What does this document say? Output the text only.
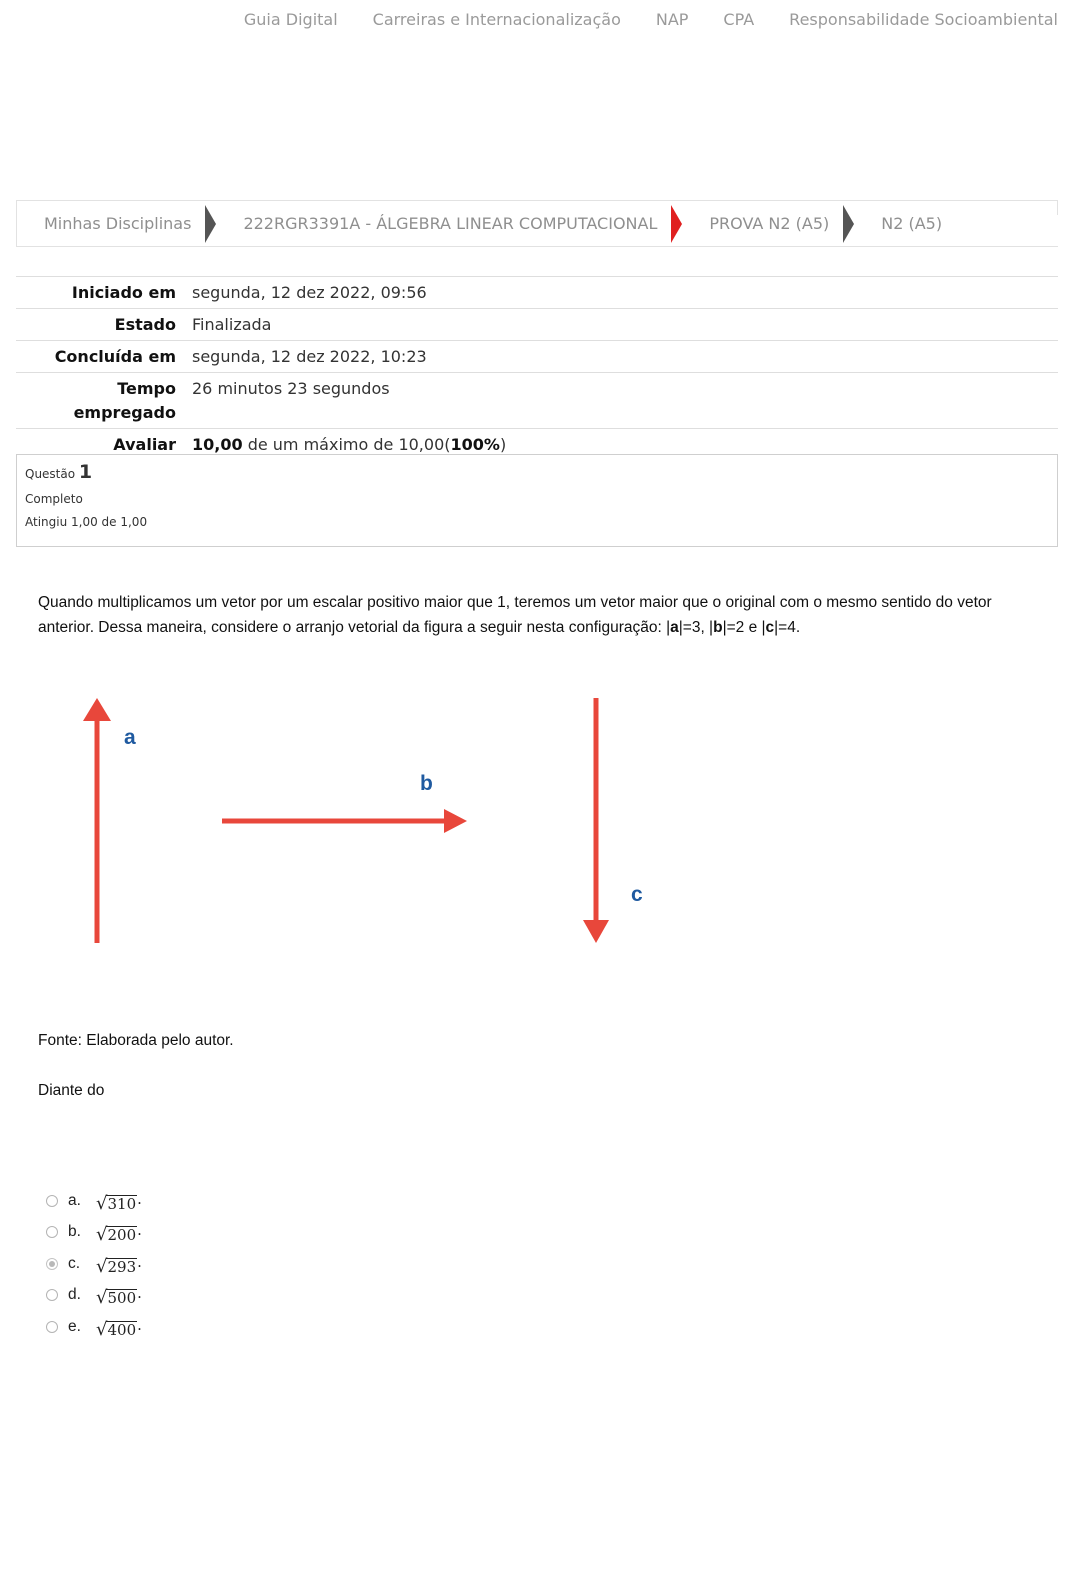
Guia Digital Carreiras e Internacionalização NAP CPA Responsabilidade Socioambiental
Minhas Disciplinas	222RGR3391A - ÁLGEBRA LINEAR COMPUTACIONAL	PROVA N2 (A5)	N2 (A5)
Iniciado em	segunda, 12 dez 2022, 09:56
Estado	Finalizada
Concluída em	segunda, 12 dez 2022, 10:23
Tempo
empregado	26 minutos 23 segundos
Avaliar	10,00 de um máximo de 10,00(100%)
Questão 1
Completo
Atingiu 1,00 de 1,00
Quando multiplicamos um vetor por um escalar positivo maior que 1, teremos um vetor maior que o original com o mesmo sentido do vetor anterior. Dessa maneira, considere o arranjo vetorial da figura a seguir nesta configuração: |a|=3, |b|=2 e |c|=4.
a
b
c
Fonte: Elaborada pelo autor.
Diante do
a. √ 310 ·
b. √ 200 ·
c. √ 293 ·
d. √ 500 ·
e. √ 400 ·
